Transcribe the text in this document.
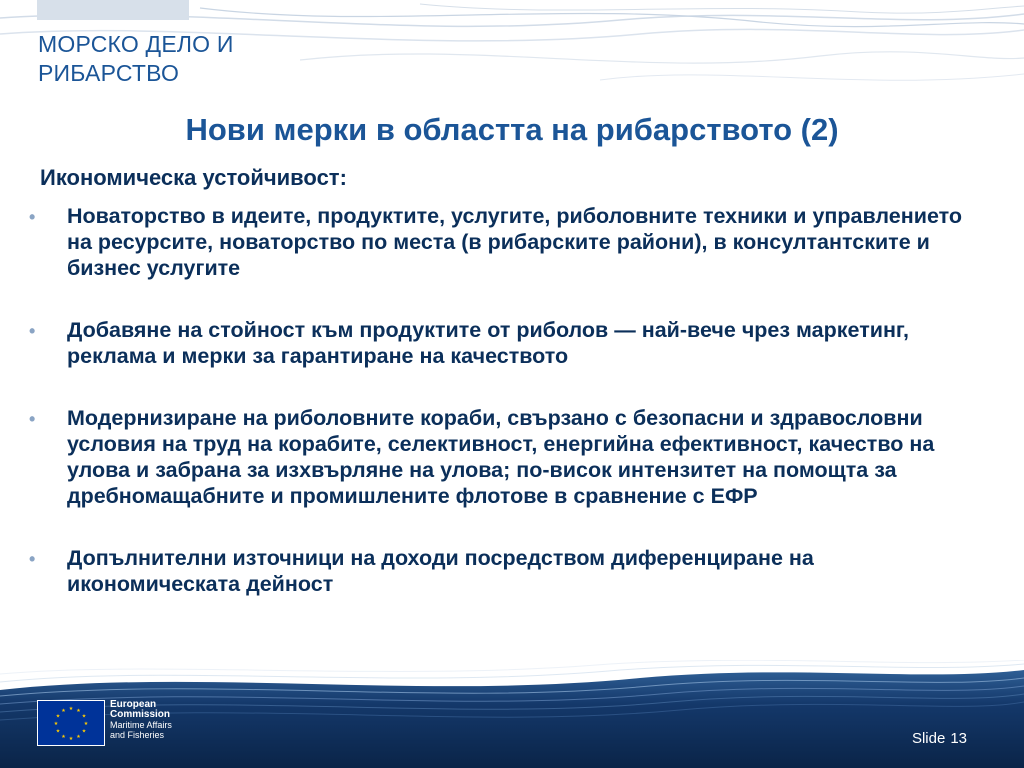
МОРСКО ДЕЛО И
РИБАРСТВО
Нови мерки в областта на рибарството (2)
Икономическа устойчивост:
• Новаторство в идеите, продуктите, услугите, риболовните техники и управлението на ресурсите, новаторство по места (в рибарските райони), в консултантските и бизнес услугите
• Добавяне на стойност към продуктите от риболов — най-вече чрез маркетинг, реклама и мерки за гарантиране на качеството
• Модернизиране на риболовните кораби, свързано с безопасни и здравословни условия на труд на корабите, селективност, енергийна ефективност, качество на улова и забрана за изхвърляне на улова; по-висок интензитет на помощта за дребномащабните и промишлените флотове в сравнение с ЕФР
• Допълнителни източници на доходи посредством диференциране на икономическата дейност
★ ★
★
★
★
★
★
★
★
★
★
★
European
Commission
Maritime Affairs
and Fisheries	Slide 13
